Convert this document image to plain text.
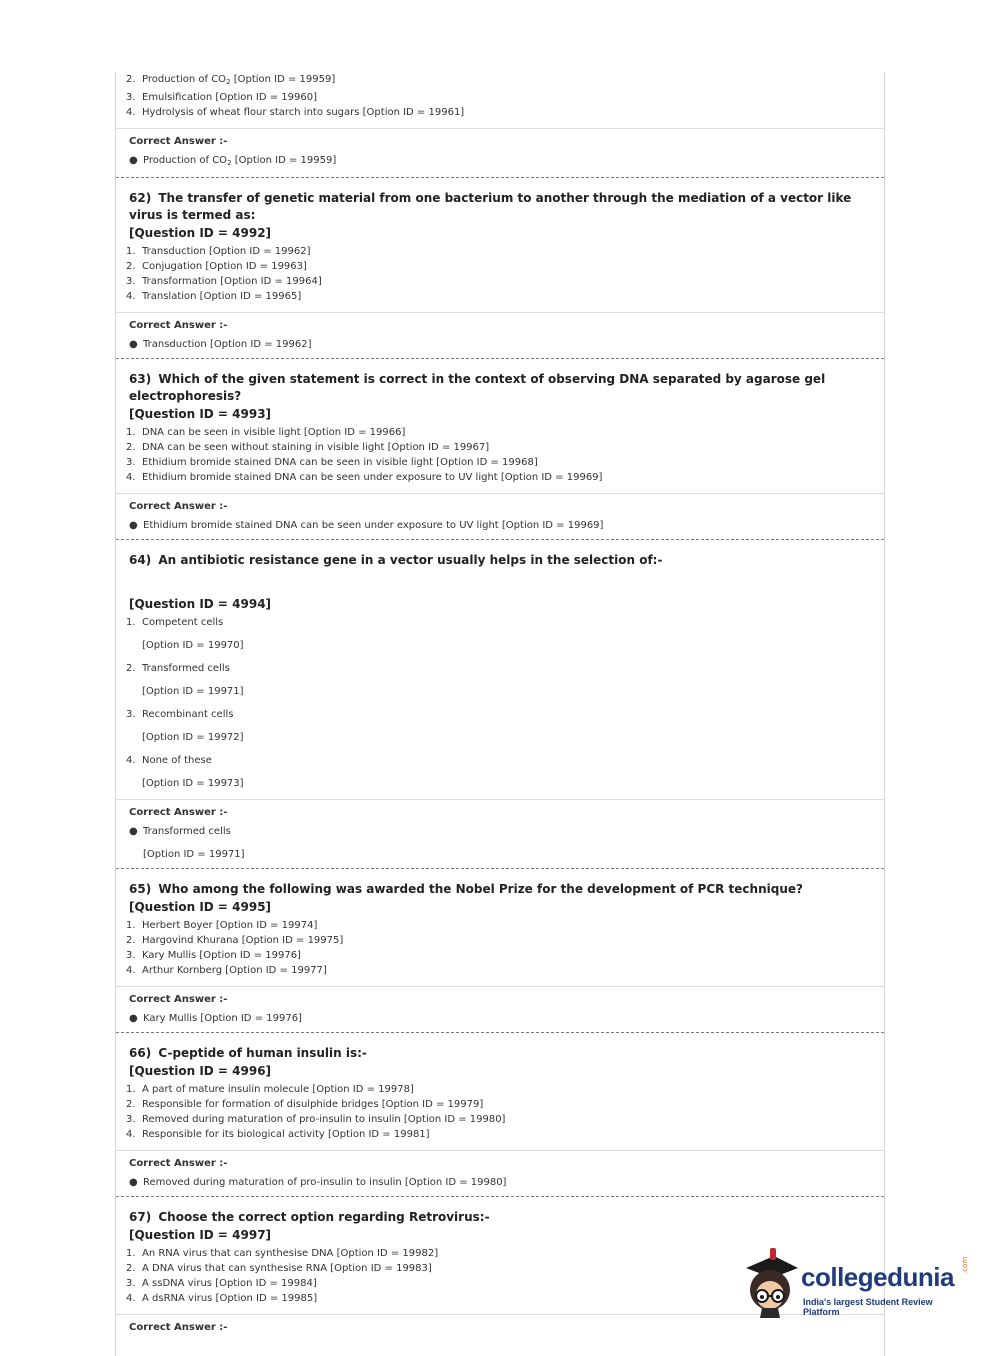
2. Production of $CO_2$ [Option ID = 19959]
3. Emulsification [Option ID = 19960]
4. Hydrolysis of wheat flour starch into sugars [Option ID = 19961]
Correct Answer :-
● Production of $CO_2$ [Option ID = 19959]
62) The transfer of genetic material from one bacterium to another through the mediation of a vector like virus is termed as:
[Question ID = 4992]
1. Transduction [Option ID = 19962]
2. Conjugation [Option ID = 19963]
3. Transformation [Option ID = 19964]
4. Translation [Option ID = 19965]
Correct Answer :-
● Transduction [Option ID = 19962]
63) Which of the given statement is correct in the context of observing DNA separated by agarose gel electrophoresis?
[Question ID = 4993]
1. DNA can be seen in visible light [Option ID = 19966]
2. DNA can be seen without staining in visible light [Option ID = 19967]
3. Ethidium bromide stained DNA can be seen in visible light [Option ID = 19968]
4. Ethidium bromide stained DNA can be seen under exposure to UV light [Option ID = 19969]
Correct Answer :-
● Ethidium bromide stained DNA can be seen under exposure to UV light [Option ID = 19969]
64) An antibiotic resistance gene in a vector usually helps in the selection of:-
[Question ID = 4994]
1. Competent cells
[Option ID = 19970]
2. Transformed cells
[Option ID = 19971]
3. Recombinant cells
[Option ID = 19972]
4. None of these
[Option ID = 19973]
Correct Answer :-
● Transformed cells
[Option ID = 19971]
65) Who among the following was awarded the Nobel Prize for the development of PCR technique?
[Question ID = 4995]
1. Herbert Boyer [Option ID = 19974]
2. Hargovind Khurana [Option ID = 19975]
3. Kary Mullis [Option ID = 19976]
4. Arthur Kornberg [Option ID = 19977]
Correct Answer :-
● Kary Mullis [Option ID = 19976]
66) C-peptide of human insulin is:-
[Question ID = 4996]
1. A part of mature insulin molecule [Option ID = 19978]
2. Responsible for formation of disulphide bridges [Option ID = 19979]
3. Removed during maturation of pro-insulin to insulin [Option ID = 19980]
4. Responsible for its biological activity [Option ID = 19981]
Correct Answer :-
● Removed during maturation of pro-insulin to insulin [Option ID = 19980]
67) Choose the correct option regarding Retrovirus:-
[Question ID = 4997]
1. An RNA virus that can synthesise DNA [Option ID = 19982]
2. A DNA virus that can synthesise RNA [Option ID = 19983]
3. A ssDNA virus [Option ID = 19984]
4. A dsRNA virus [Option ID = 19985]
Correct Answer :-
collegedunia .com
India's largest Student Review Platform
